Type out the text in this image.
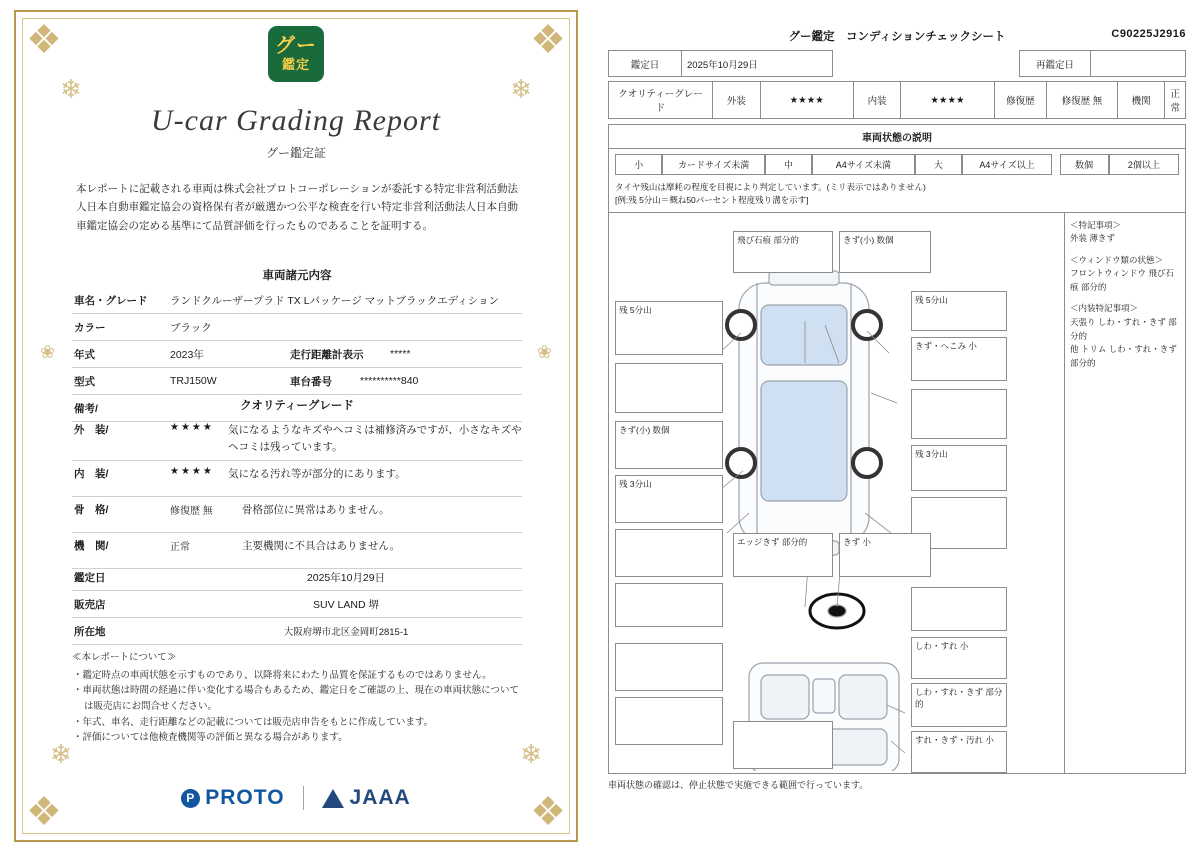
❖	❖
❖	❖
❄	❄
❀	❀
❄	❄
グー
鑑定
U-car Grading Report
グー鑑定証
本レポートに記載される車両は株式会社プロトコーポレーションが委託する特定非営利活動法人日本自動車鑑定協会の資格保有者が厳選かつ公平な検査を行い特定非営利活動法人日本自動車鑑定協会の定める基準にて品質評価を行ったものであることを証明する。
車両諸元内容
車名・グレード	ランドクルーザープラド TX Lパッケージ マットブラックエディション
カラー	ブラック
年式	2023年	走行距離計表示	*****
型式	TRJ150W	車台番号	**********840
備考/	クオリティーグレード
外　装/	★★★★	気になるようなキズやヘコミは補修済みですが、小さなキズやヘコミは残っています。
内　装/	★★★★	気になる汚れ等が部分的にあります。
骨　格/	修復歴 無	骨格部位に異常はありません。
機　関/	正常	主要機関に不具合はありません。
鑑定日	2025年10月29日
販売店	SUV LAND 堺
所在地	大阪府堺市北区金岡町2815-1
≪本レポートについて≫
・ 鑑定時点の車両状態を示すものであり、以降将来にわたり品質を保証するものではありません。
・ 車両状態は時間の経過に伴い変化する場合もあるため、鑑定日をご確認の上、現在の車両状態については販売店にお問合せください。
・ 年式、車名、走行距離などの記載については販売店申告をもとに作成しています。
・ 評価については他検査機関等の評価と異なる場合があります。
P PROTO	JAAA
グー鑑定　コンディションチェックシート	C90225J2916
鑑定日	2025年10月29日		再鑑定日	
クオリティーグレード	外装	★★★★	内装	★★★★	修復歴	修復歴 無	機関	正常
車両状態の説明
小	カードサイズ未満	中	A4サイズ未満	大	A4サイズ以上	数個	2個以上
タイヤ残山は摩耗の程度を目視により判定しています。(ミリ表示ではありません)
[例:残 5分山＝概ね50パーセント程度残り溝を示す]
残 5分山
飛び石痕 部分的	きず(小) 数個
残 5分山
きず・へこみ 小
きず(小) 数個
残 3分山
残 3分山
エッジきず 部分的	きず 小
しわ・すれ 小
しわ・すれ・きず 部分的
すれ・きず・汚れ 小
＜特記事項＞
外装 薄きず
＜ウィンドウ類の状態＞
フロントウィンドウ 飛び石痕 部分的
＜内装特記事項＞
天張り しわ・すれ・きず 部分的
他 トリム しわ・すれ・きず 部分的
車両状態の確認は、停止状態で実施できる範囲で行っています。
